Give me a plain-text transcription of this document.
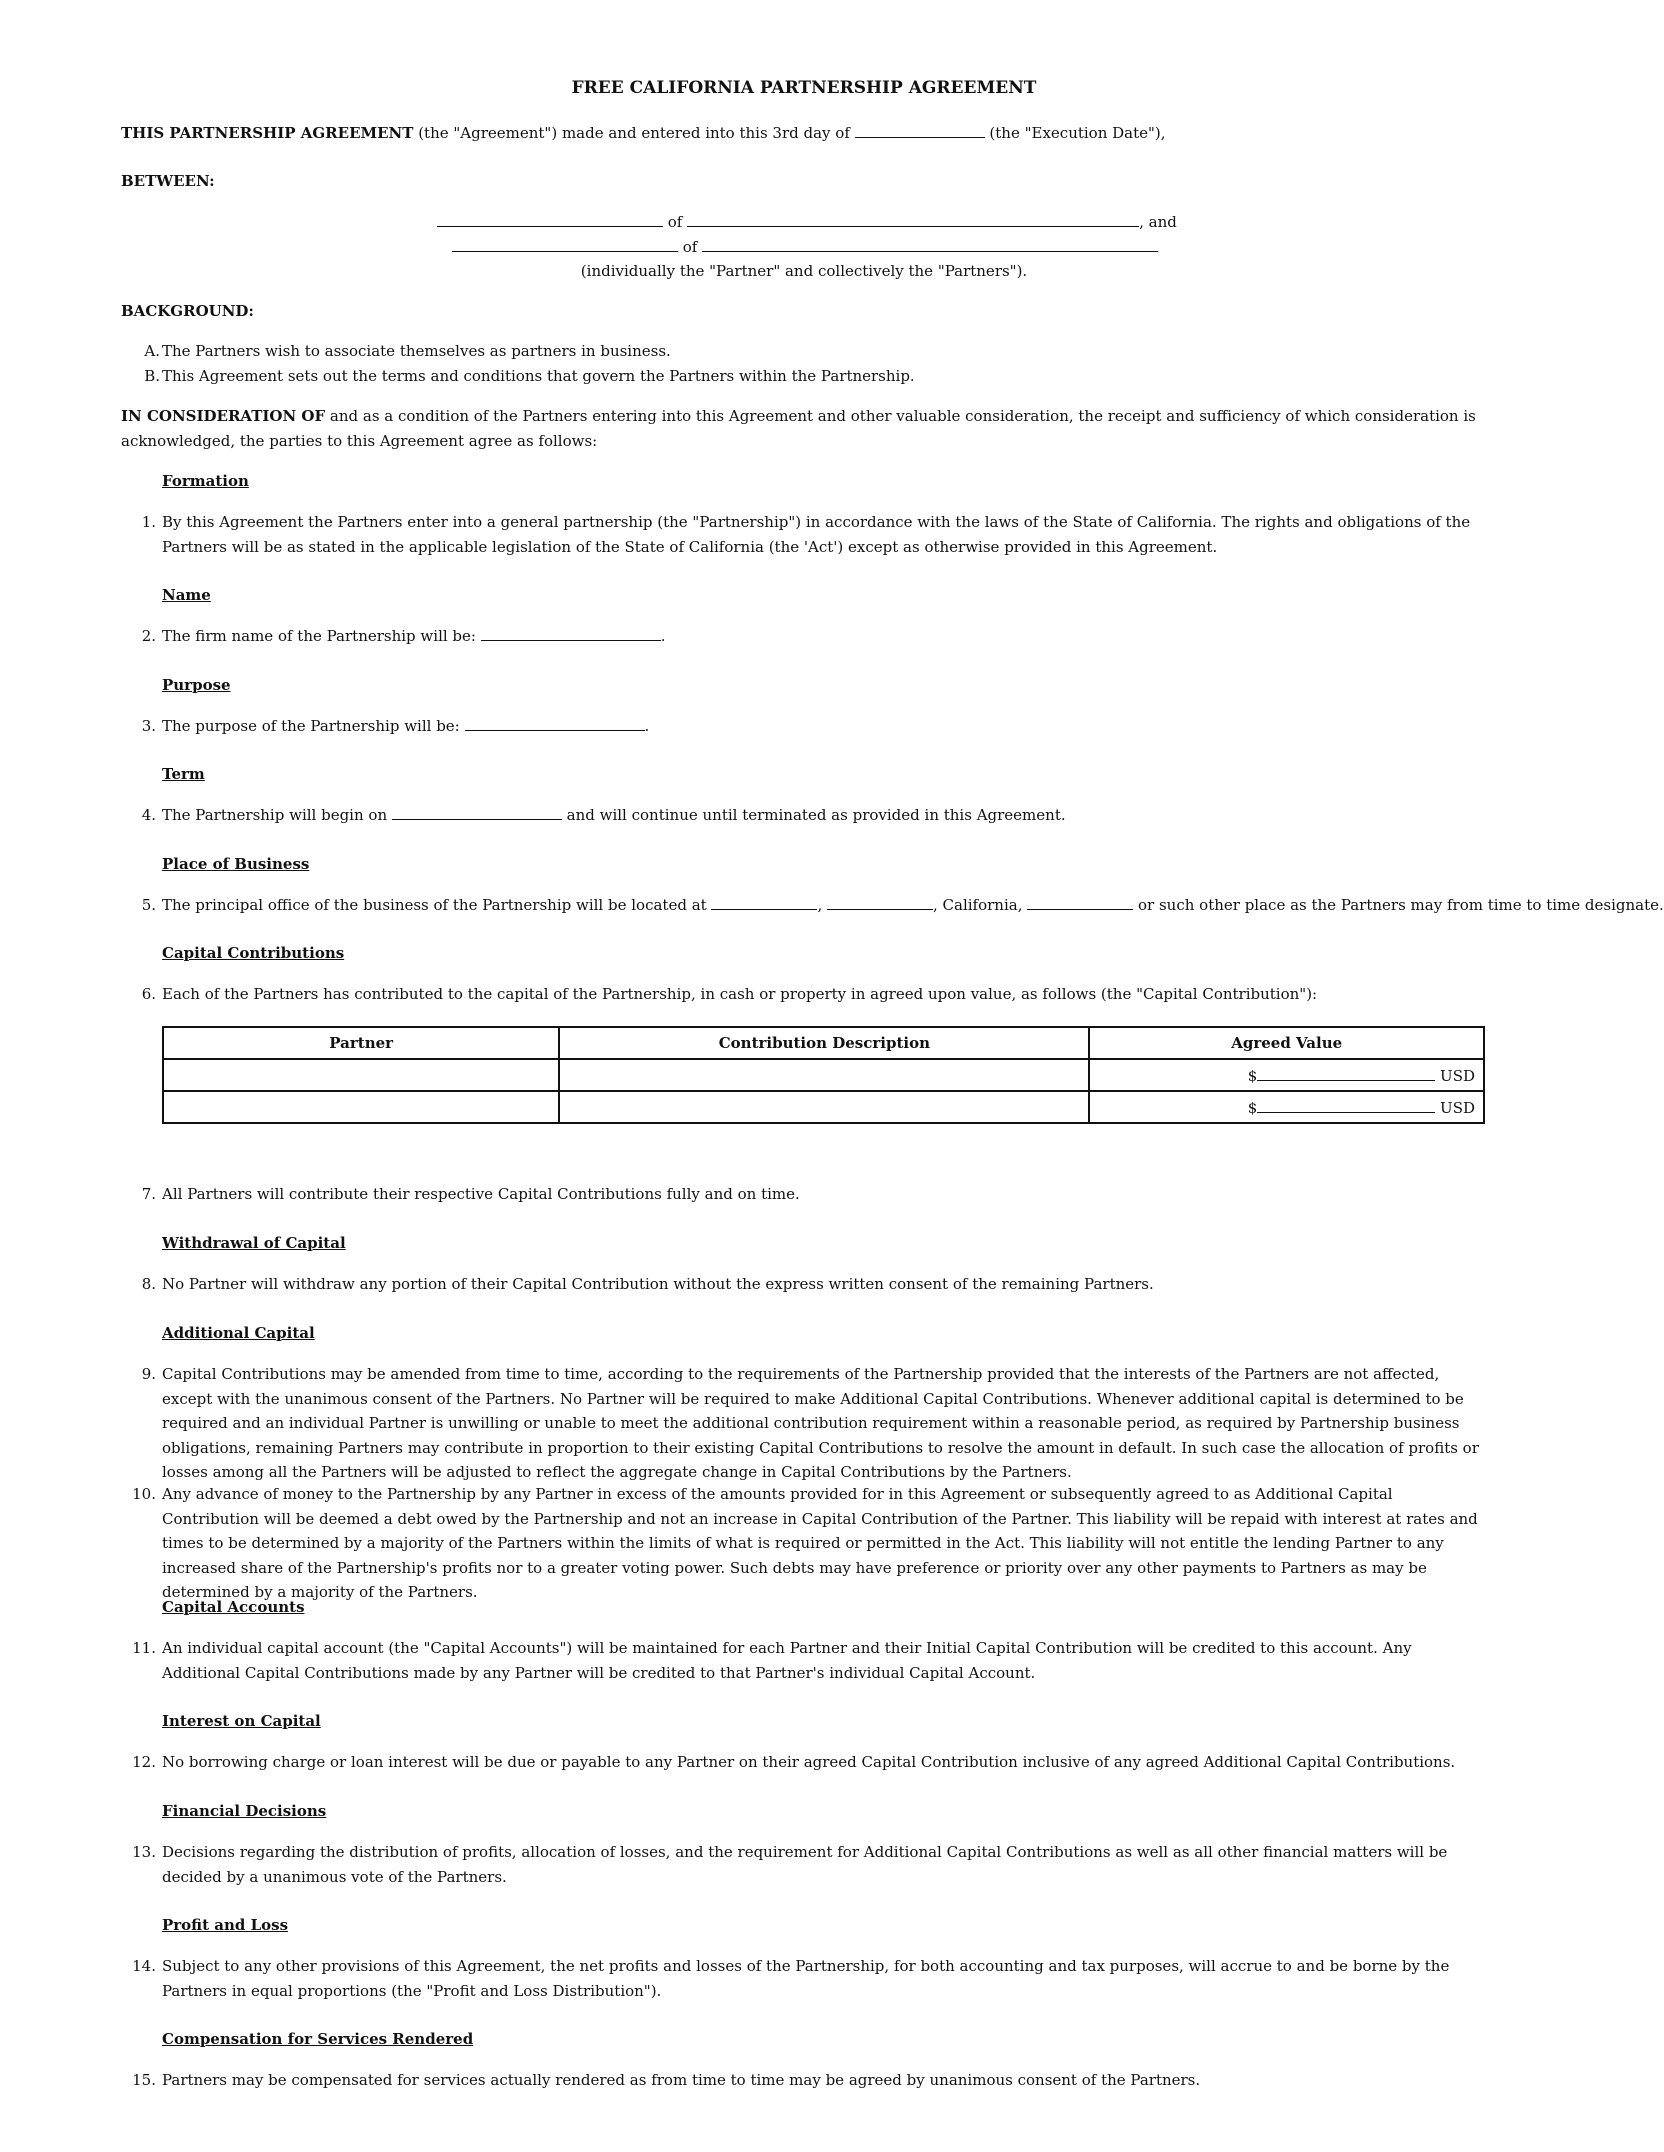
FREE CALIFORNIA PARTNERSHIP AGREEMENT
THIS PARTNERSHIP AGREEMENT (the "Agreement") made and entered into this 3rd day of	(the "Execution Date"),
BETWEEN:
of	, and
of
(individually the "Partner" and collectively the "Partners").
BACKGROUND:
A. The Partners wish to associate themselves as partners in business.
B. This Agreement sets out the terms and conditions that govern the Partners within the Partnership.
IN CONSIDERATION OF and as a condition of the Partners entering into this Agreement and other valuable consideration, the receipt and sufficiency of which consideration is acknowledged, the parties to this Agreement agree as follows:
Formation
1. By this Agreement the Partners enter into a general partnership (the "Partnership") in accordance with the laws of the State of California. The rights and obligations of the Partners will be as stated in the applicable legislation of the State of California (the 'Act') except as otherwise provided in this Agreement.
Name
2. The firm name of the Partnership will be:	.
Purpose
3. The purpose of the Partnership will be:	.
Term
4. The Partnership will begin on	and will continue until terminated as provided in this Agreement.
Place of Business
5. The principal office of the business of the Partnership will be located at	,	, California,	or such other place as the Partners may from time to time designate.
Capital Contributions
6. Each of the Partners has contributed to the capital of the Partnership, in cash or property in agreed upon value, as follows (the "Capital Contribution"):
Partner	Contribution Description	Agreed Value
		$ USD
		$ USD
7. All Partners will contribute their respective Capital Contributions fully and on time.
Withdrawal of Capital
8. No Partner will withdraw any portion of their Capital Contribution without the express written consent of the remaining Partners.
Additional Capital
9. Capital Contributions may be amended from time to time, according to the requirements of the Partnership provided that the interests of the Partners are not affected, except with the unanimous consent of the Partners. No Partner will be required to make Additional Capital Contributions. Whenever additional capital is determined to be required and an individual Partner is unwilling or unable to meet the additional contribution requirement within a reasonable period, as required by Partnership business obligations, remaining Partners may contribute in proportion to their existing Capital Contributions to resolve the amount in default. In such case the allocation of profits or losses among all the Partners will be adjusted to reflect the aggregate change in Capital Contributions by the Partners.
10. Any advance of money to the Partnership by any Partner in excess of the amounts provided for in this Agreement or subsequently agreed to as Additional Capital Contribution will be deemed a debt owed by the Partnership and not an increase in Capital Contribution of the Partner. This liability will be repaid with interest at rates and times to be determined by a majority of the Partners within the limits of what is required or permitted in the Act. This liability will not entitle the lending Partner to any increased share of the Partnership's profits nor to a greater voting power. Such debts may have preference or priority over any other payments to Partners as may be determined by a majority of the Partners.
Capital Accounts
11. An individual capital account (the "Capital Accounts") will be maintained for each Partner and their Initial Capital Contribution will be credited to this account. Any Additional Capital Contributions made by any Partner will be credited to that Partner's individual Capital Account.
Interest on Capital
12. No borrowing charge or loan interest will be due or payable to any Partner on their agreed Capital Contribution inclusive of any agreed Additional Capital Contributions.
Financial Decisions
13. Decisions regarding the distribution of profits, allocation of losses, and the requirement for Additional Capital Contributions as well as all other financial matters will be decided by a unanimous vote of the Partners.
Profit and Loss
14. Subject to any other provisions of this Agreement, the net profits and losses of the Partnership, for both accounting and tax purposes, will accrue to and be borne by the Partners in equal proportions (the "Profit and Loss Distribution").
Compensation for Services Rendered
15. Partners may be compensated for services actually rendered as from time to time may be agreed by unanimous consent of the Partners.
